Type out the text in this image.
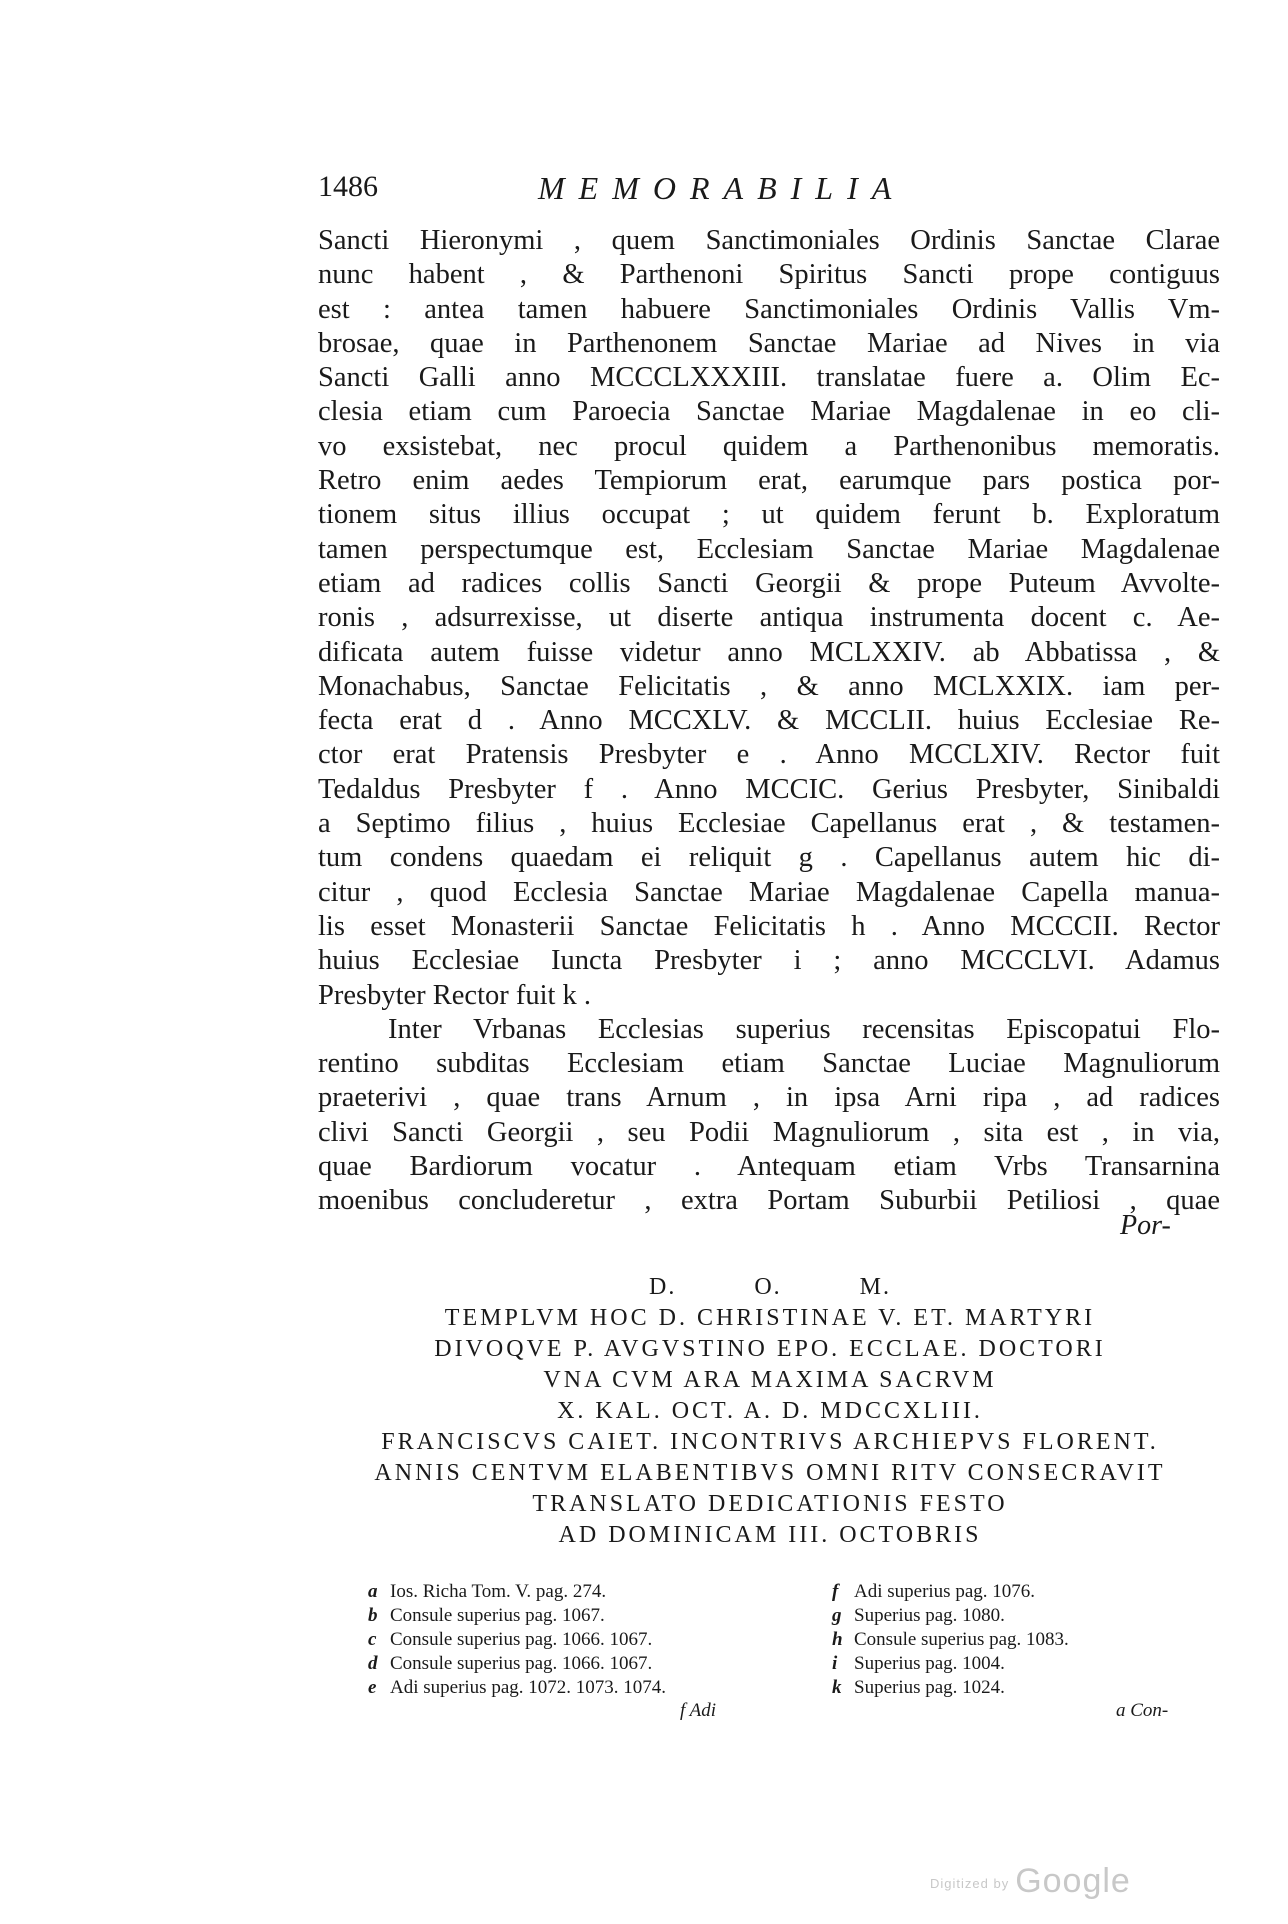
1486	MEMORABILIA
Sancti Hieronymi , quem Sanctimoniales Ordinis Sanctae Clarae
nunc habent , & Parthenoni Spiritus Sancti prope contiguus
est : antea tamen habuere Sanctimoniales Ordinis Vallis Vm-
brosae, quae in Parthenonem Sanctae Mariae ad Nives in via
Sancti Galli anno MCCCLXXXIII. translatae fuere a. Olim Ec-
clesia etiam cum Paroecia Sanctae Mariae Magdalenae in eo cli-
vo exsistebat, nec procul quidem a Parthenonibus memoratis.
Retro enim aedes Tempiorum erat, earumque pars postica por-
tionem situs illius occupat ; ut quidem ferunt b. Exploratum
tamen perspectumque est, Ecclesiam Sanctae Mariae Magdalenae
etiam ad radices collis Sancti Georgii & prope Puteum Avvolte-
ronis , adsurrexisse, ut diserte antiqua instrumenta docent c. Ae-
dificata autem fuisse videtur anno MCLXXIV. ab Abbatissa , &
Monachabus, Sanctae Felicitatis , & anno MCLXXIX. iam per-
fecta erat d . Anno MCCXLV. & MCCLII. huius Ecclesiae Re-
ctor erat Pratensis Presbyter e . Anno MCCLXIV. Rector fuit
Tedaldus Presbyter f . Anno MCCIC. Gerius Presbyter, Sinibaldi
a Septimo filius , huius Ecclesiae Capellanus erat , & testamen-
tum condens quaedam ei reliquit g . Capellanus autem hic di-
citur , quod Ecclesia Sanctae Mariae Magdalenae Capella manua-
lis esset Monasterii Sanctae Felicitatis h . Anno MCCCII. Rector
huius Ecclesiae Iuncta Presbyter i ; anno MCCCLVI. Adamus
Presbyter Rector fuit k .
Inter Vrbanas Ecclesias superius recensitas Episcopatui Flo-
rentino subditas Ecclesiam etiam Sanctae Luciae Magnuliorum
praeterivi , quae trans Arnum , in ipsa Arni ripa , ad radices
clivi Sancti Georgii , seu Podii Magnuliorum , sita est , in via,
quae Bardiorum vocatur . Antequam etiam Vrbs Transarnina
moenibus concluderetur , extra Portam Suburbii Petiliosi , quae
Por-
D. O. M.
TEMPLVM HOC D. CHRISTINAE V. ET. MARTYRI
DIVOQVE P. AVGVSTINO EPO. ECCLAE. DOCTORI
VNA CVM ARA MAXIMA SACRVM
X. KAL. OCT. A. D. MDCCXLIII.
FRANCISCVS CAIET. INCONTRIVS ARCHIEPVS FLORENT.
ANNIS CENTVM ELABENTIBVS OMNI RITV CONSECRAVIT
TRANSLATO DEDICATIONIS FESTO
AD DOMINICAM III. OCTOBRIS
a Ios. Richa Tom. V. pag. 274.
b Consule superius pag. 1067.
c Consule superius pag. 1066. 1067.
d Consule superius pag. 1066. 1067.
e Adi superius pag. 1072. 1073. 1074.
f Adi superius pag. 1076.
g Superius pag. 1080.
h Consule superius pag. 1083.
i Superius pag. 1004.
k Superius pag. 1024.
f Adi	a Con-
Digitized by Google
